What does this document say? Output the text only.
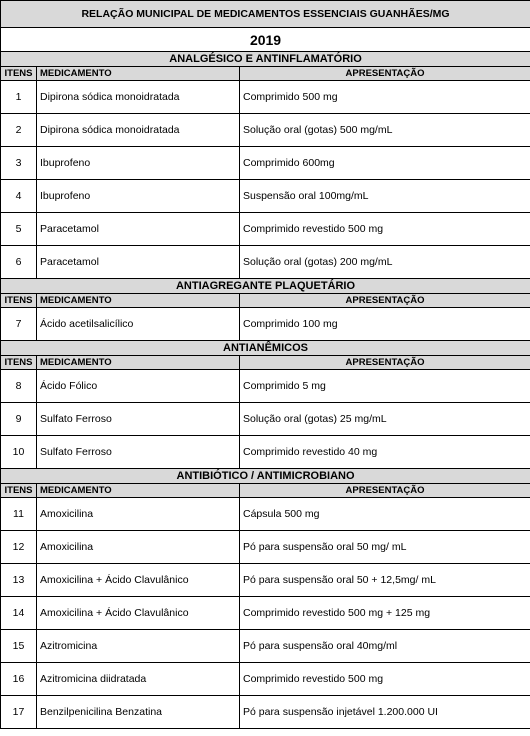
RELAÇÃO MUNICIPAL DE MEDICAMENTOS ESSENCIAIS GUANHÃES/MG		
2019		
ANALGÉSICO E ANTINFLAMATÓRIO		
ITENS	MEDICAMENTO	APRESENTAÇÃO
1	Dipirona sódica monoidratada	Comprimido 500 mg
2	Dipirona sódica monoidratada	Solução oral (gotas) 500 mg/mL
3	Ibuprofeno	Comprimido 600mg
4	Ibuprofeno	Suspensão oral 100mg/mL
5	Paracetamol	Comprimido revestido 500 mg
6	Paracetamol	Solução oral (gotas) 200 mg/mL
ANTIAGREGANTE PLAQUETÁRIO		
ITENS	MEDICAMENTO	APRESENTAÇÃO
7	Ácido acetilsalicílico	Comprimido 100 mg
ANTIANÊMICOS		
ITENS	MEDICAMENTO	APRESENTAÇÃO
8	Ácido Fólico	Comprimido 5 mg
9	Sulfato Ferroso	Solução oral (gotas) 25 mg/mL
10	Sulfato Ferroso	Comprimido revestido 40 mg
ANTIBIÓTICO / ANTIMICROBIANO		
ITENS	MEDICAMENTO	APRESENTAÇÃO
11	Amoxicilina	Cápsula 500 mg
12	Amoxicilina	Pó para suspensão oral 50 mg/ mL
13	Amoxicilina + Ácido Clavulânico	Pó para suspensão oral 50 + 12,5mg/ mL
14	Amoxicilina + Ácido Clavulânico	Comprimido revestido 500 mg + 125 mg
15	Azitromicina	Pó para suspensão oral 40mg/ml
16	Azitromicina diidratada	Comprimido revestido 500 mg
17	Benzilpenicilina Benzatina	Pó para suspensão injetável 1.200.000 UI
